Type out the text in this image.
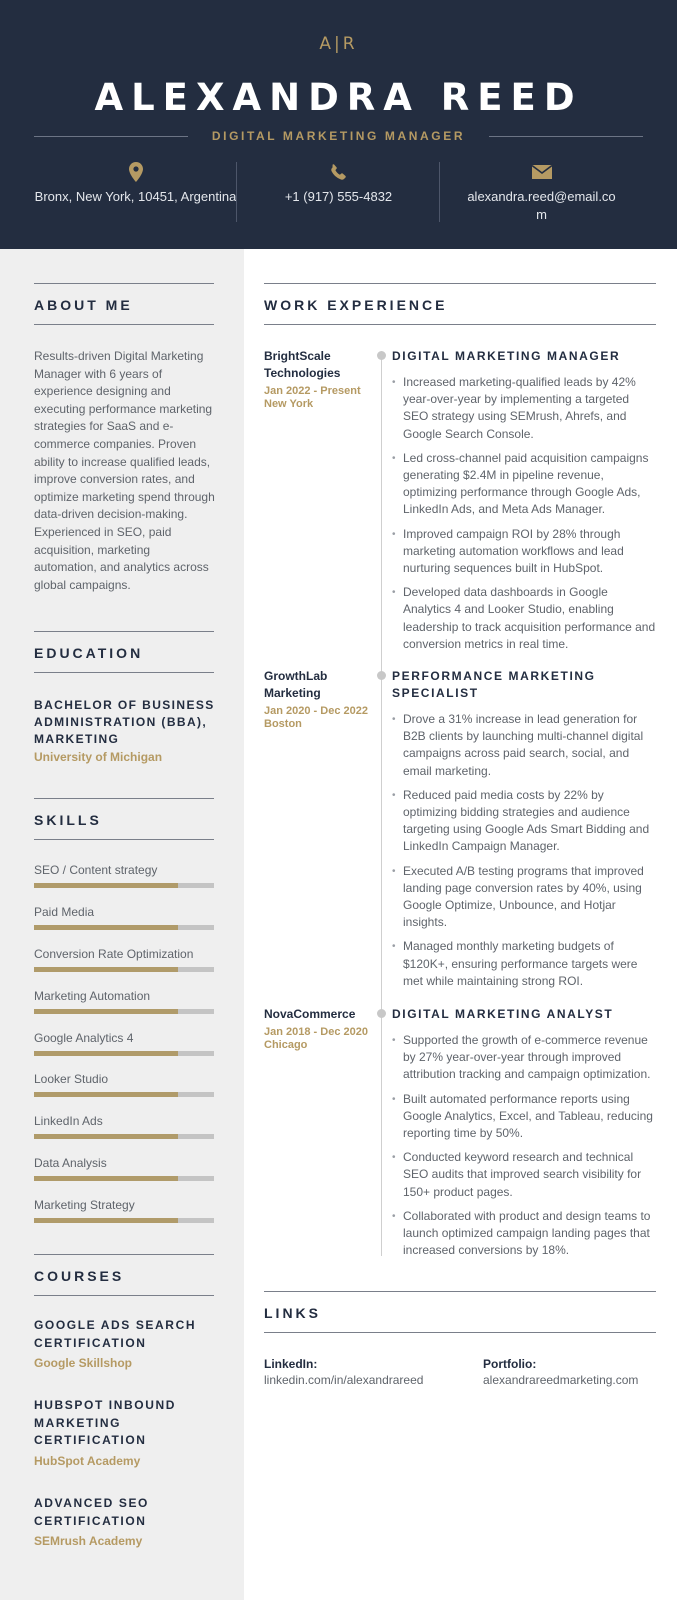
A|R
ALEXANDRA REED
DIGITAL MARKETING MANAGER
Bronx, New York, 10451, Argentina	+1 (917) 555-4832	alexandra.reed@email.com
ABOUT ME
Results-driven Digital Marketing Manager with 6 years of experience designing and executing performance marketing strategies for SaaS and e-commerce companies. Proven ability to increase qualified leads, improve conversion rates, and optimize marketing spend through data-driven decision-making. Experienced in SEO, paid acquisition, marketing automation, and analytics across global campaigns.
EDUCATION
BACHELOR OF BUSINESS ADMINISTRATION (BBA), MARKETING
University of Michigan
SKILLS
SEO / Content strategy
Paid Media
Conversion Rate Optimization
Marketing Automation
Google Analytics 4
Looker Studio
LinkedIn Ads
Data Analysis
Marketing Strategy
COURSES
GOOGLE ADS SEARCH CERTIFICATION
Google Skillshop
HUBSPOT INBOUND MARKETING CERTIFICATION
HubSpot Academy
ADVANCED SEO CERTIFICATION
SEMrush Academy
WORK EXPERIENCE
BrightScale Technologies
Jan 2022 - Present
New York
DIGITAL MARKETING MANAGER
• Increased marketing-qualified leads by 42% year-over-year by implementing a targeted SEO strategy using SEMrush, Ahrefs, and Google Search Console.
• Led cross-channel paid acquisition campaigns generating $2.4M in pipeline revenue, optimizing performance through Google Ads, LinkedIn Ads, and Meta Ads Manager.
• Improved campaign ROI by 28% through marketing automation workflows and lead nurturing sequences built in HubSpot.
• Developed data dashboards in Google Analytics 4 and Looker Studio, enabling leadership to track acquisition performance and conversion metrics in real time.
GrowthLab Marketing
Jan 2020 - Dec 2022
Boston
PERFORMANCE MARKETING SPECIALIST
• Drove a 31% increase in lead generation for B2B clients by launching multi-channel digital campaigns across paid search, social, and email marketing.
• Reduced paid media costs by 22% by optimizing bidding strategies and audience targeting using Google Ads Smart Bidding and LinkedIn Campaign Manager.
• Executed A/B testing programs that improved landing page conversion rates by 40%, using Google Optimize, Unbounce, and Hotjar insights.
• Managed monthly marketing budgets of $120K+, ensuring performance targets were met while maintaining strong ROI.
NovaCommerce
Jan 2018 - Dec 2020
Chicago
DIGITAL MARKETING ANALYST
• Supported the growth of e-commerce revenue by 27% year-over-year through improved attribution tracking and campaign optimization.
• Built automated performance reports using Google Analytics, Excel, and Tableau, reducing reporting time by 50%.
• Conducted keyword research and technical SEO audits that improved search visibility for 150+ product pages.
• Collaborated with product and design teams to launch optimized campaign landing pages that increased conversions by 18%.
LINKS
LinkedIn:
linkedin.com/in/alexandrareed
Portfolio:
alexandrareedmarketing.com
